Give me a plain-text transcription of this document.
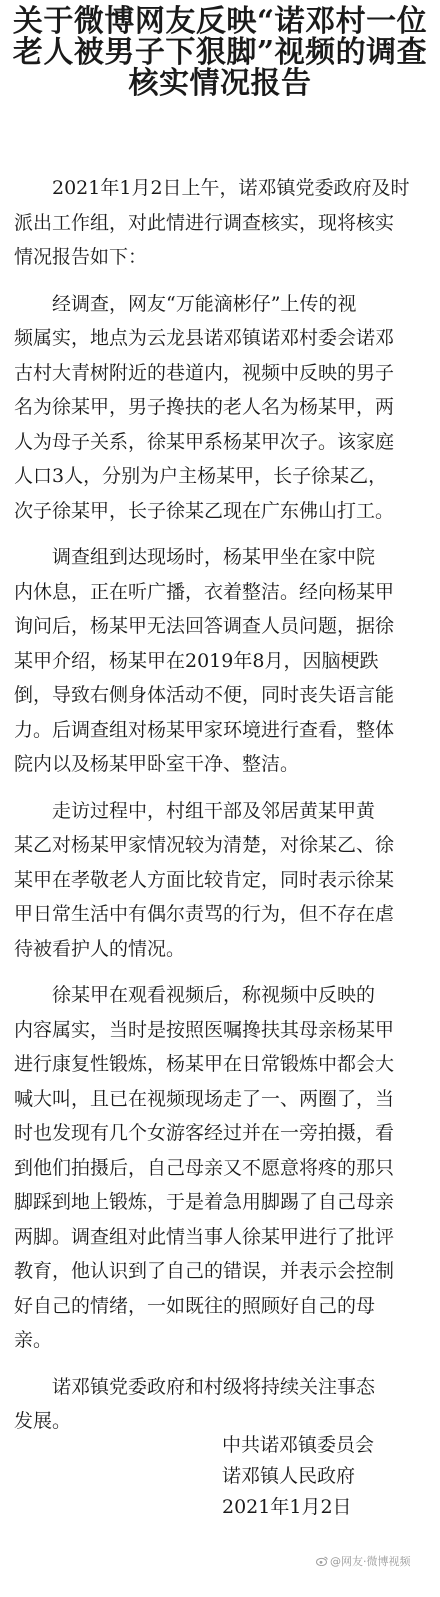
关于微博网友反映“诺邓村一位
老人被男子下狠脚”视频的调查
核实情况报告

　　2021年1月2日上午，诺邓镇党委政府及时
派出工作组，对此情进行调查核实，现将核实
情况报告如下：

　　经调查，网友“万能滴彬仔”上传的视
频属实，地点为云龙县诺邓镇诺邓村委会诺邓
古村大青树附近的巷道内，视频中反映的男子
名为徐某甲，男子搀扶的老人名为杨某甲，两
人为母子关系，徐某甲系杨某甲次子。该家庭
人口3人，分别为户主杨某甲，长子徐某乙，
次子徐某甲，长子徐某乙现在广东佛山打工。

　　调查组到达现场时，杨某甲坐在家中院
内休息，正在听广播，衣着整洁。经向杨某甲
询问后，杨某甲无法回答调查人员问题，据徐
某甲介绍，杨某甲在2019年8月，因脑梗跌
倒，导致右侧身体活动不便，同时丧失语言能
力。后调查组对杨某甲家环境进行查看，整体
院内以及杨某甲卧室干净、整洁。

　　走访过程中，村组干部及邻居黄某甲黄
某乙对杨某甲家情况较为清楚，对徐某乙、徐
某甲在孝敬老人方面比较肯定，同时表示徐某
甲日常生活中有偶尔责骂的行为，但不存在虐
待被看护人的情况。

　　徐某甲在观看视频后，称视频中反映的
内容属实，当时是按照医嘱搀扶其母亲杨某甲
进行康复性锻炼，杨某甲在日常锻炼中都会大
喊大叫，且已在视频现场走了一、两圈了，当
时也发现有几个女游客经过并在一旁拍摄，看
到他们拍摄后，自己母亲又不愿意将疼的那只
脚踩到地上锻炼，于是着急用脚踢了自己母亲
两脚。调查组对此情当事人徐某甲进行了批评
教育，他认识到了自己的错误，并表示会控制
好自己的情绪，一如既往的照顾好自己的母
亲。

　　诺邓镇党委政府和村级将持续关注事态
发展。

中共诺邓镇委员会
诺邓镇人民政府
2021年1月2日
@网友·微博视频
